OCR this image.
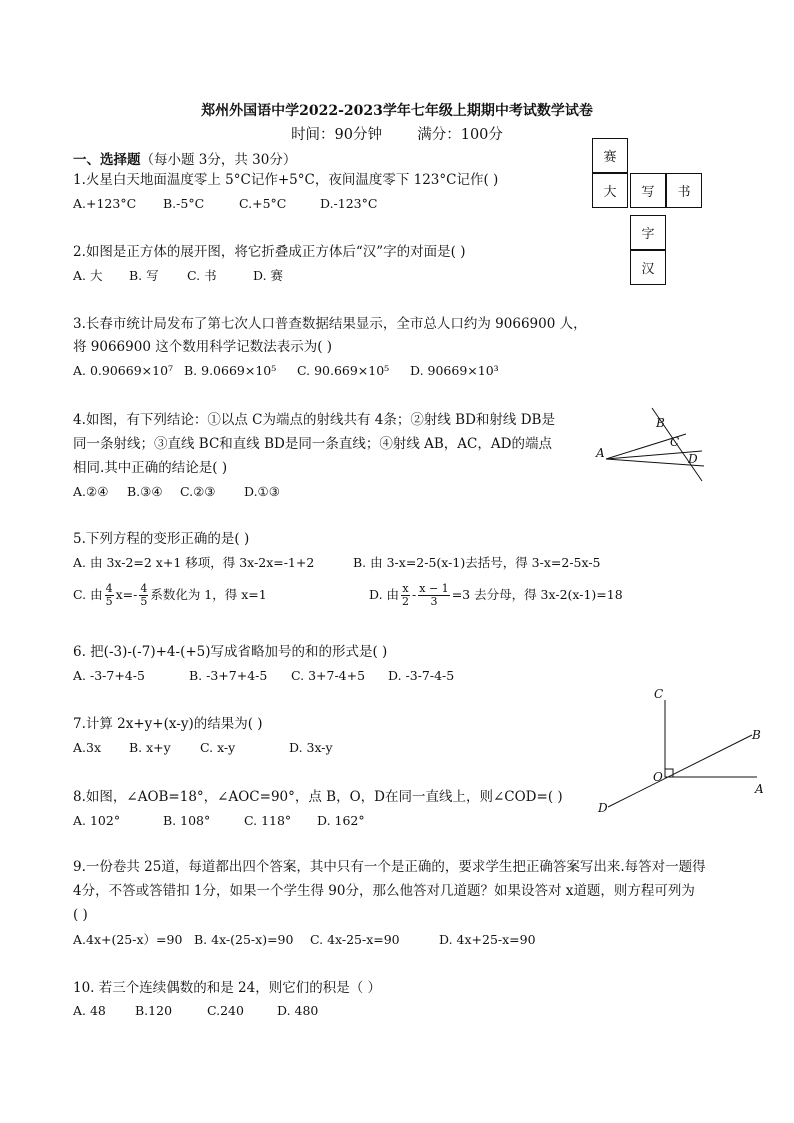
郑州外国语中学2022-2023学年七年级上期期中考试数学试卷
时间：90分钟 满分：100分
一、选择题（每小题 3分，共 30分）	赛
大	写	书
字
汉
1.火星白天地面温度零上 5°C记作+5°C，夜间温度零下 123°C记作( )
A.+123°C B.-5°C	C.+5°C	D.-123°C
2.如图是正方体的展开图，将它折叠成正方体后“汉”字的对面是( )
A. 大 B. 写 C. 书	D. 赛
3.长春市统计局发布了第七次人口普查数据结果显示，全市总人口约为 9066900 人，
将 9066900 这个数用科学记数法表示为( )
A. 0.90669×10⁷ B. 9.0669×10⁵ C. 90.669×10⁵ D. 90669×10³
4.如图，有下列结论：①以点 C为端点的射线共有 4条；②射线 BD和射线 DB是
同一条射线；③直线 BC和直线 BD是同一条直线；④射线 AB，AC，AD的端点
相同.其中正确的结论是( )
A.②④ B.③④ C.②③ D.①③
A
B
C
D
5.下列方程的变形正确的是( )
A. 由 3x-2=2 x+1 移项，得 3x-2x=-1+2	B. 由 3-x=2-5(x-1)去括号，得 3-x=2-5x-5
C. 由 $\frac{4}{5} x=- \frac{4}{5}$ 系数化为 1，得 x=1	D. 由 $\frac{x}{2} - \frac{x - 1}{3} =3$ 去分母，得 3x-2(x-1)=18
6. 把(-3)-(-7)+4-(+5)写成省略加号的和的形式是( )
A. -3-7+4-5	B. -3+7+4-5 C. 3+7-4+5 D. -3-7-4-5
7.计算 2x+y+(x-y)的结果为( )
A.3x B. x+y C. x-y	D. 3x-y
C
B
O
A
D
8.如图，∠AOB=18°，∠AOC=90°，点 B，O，D在同一直线上，则∠COD=( )
A. 102°	B. 108°	C. 118° D. 162°
9.一份卷共 25道，每道都出四个答案，其中只有一个是正确的，要求学生把正确答案写出来.每答对一题得
4分，不答或答错扣 1分，如果一个学生得 90分，那么他答对几道题？如果设答对 x道题，则方程可列为
( )
A.4x+(25-x）=90 B. 4x-(25-x)=90 C. 4x-25-x=90	D. 4x+25-x=90
10. 若三个连续偶数的和是 24，则它们的积是（ ）
A. 48 B.120	C.240	D. 480
